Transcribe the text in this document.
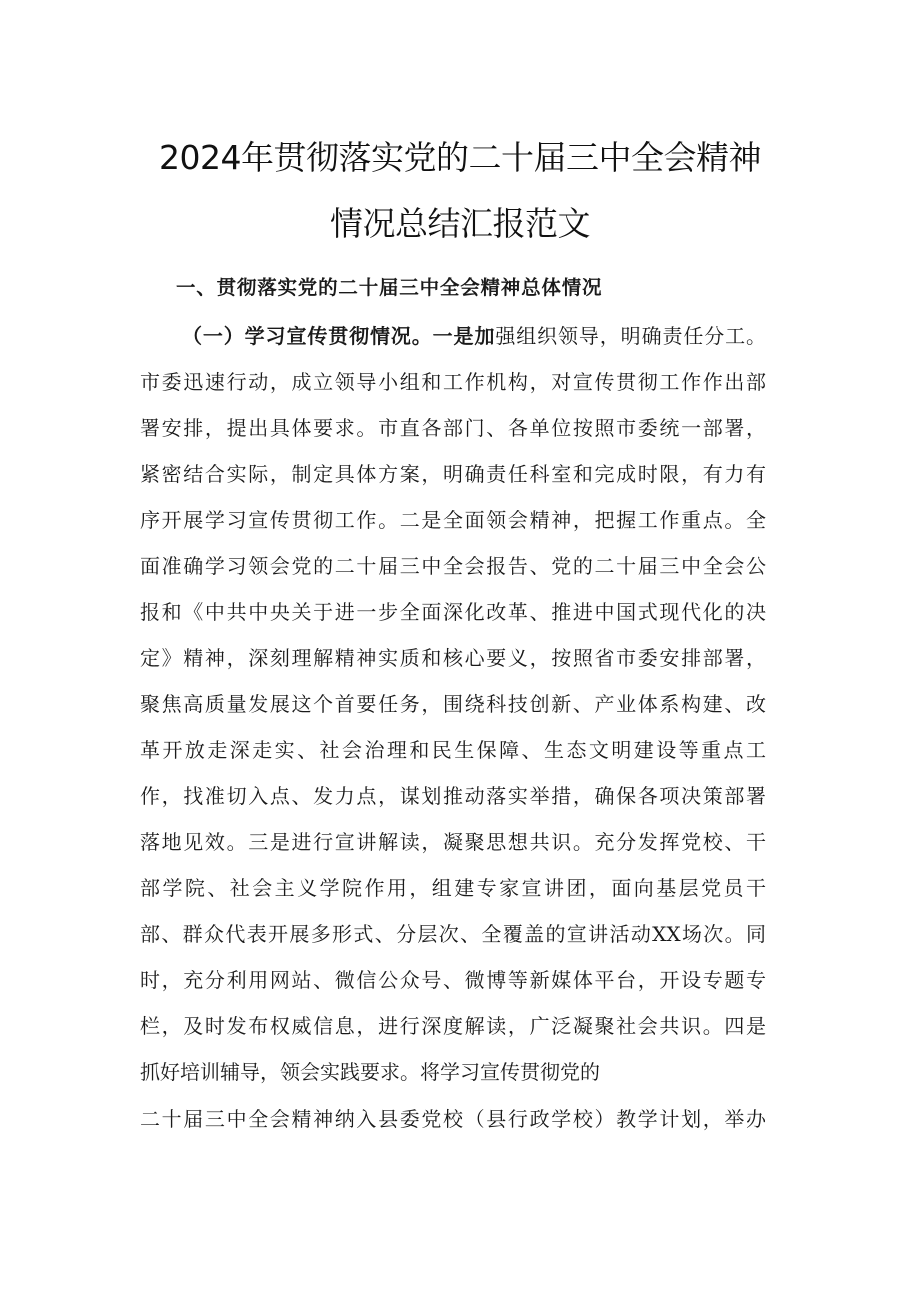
2024年贯彻落实党的二十届三中全会精神
情况总结汇报范文
一、贯彻落实党的二十届三中全会精神总体情况
（一）学习宣传贯彻情况。一是加强组织领导，明确责任分工。
市委迅速行动，成立领导小组和工作机构，对宣传贯彻工作作出部
署安排，提出具体要求。市直各部门、各单位按照市委统一部署，
紧密结合实际，制定具体方案，明确责任科室和完成时限，有力有
序开展学习宣传贯彻工作。二是全面领会精神，把握工作重点。全
面准确学习领会党的二十届三中全会报告、党的二十届三中全会公
报和《中共中央关于进一步全面深化改革、推进中国式现代化的决
定》精神，深刻理解精神实质和核心要义，按照省市委安排部署，
聚焦高质量发展这个首要任务，围绕科技创新、产业体系构建、改
革开放走深走实、社会治理和民生保障、生态文明建设等重点工
作，找准切入点、发力点，谋划推动落实举措，确保各项决策部署
落地见效。三是进行宣讲解读，凝聚思想共识。充分发挥党校、干
部学院、社会主义学院作用，组建专家宣讲团，面向基层党员干
部、群众代表开展多形式、分层次、全覆盖的宣讲活动XX场次。同
时，充分利用网站、微信公众号、微博等新媒体平台，开设专题专
栏，及时发布权威信息，进行深度解读，广泛凝聚社会共识。四是
抓好培训辅导，领会实践要求。将学习宣传贯彻党的
二十届三中全会精神纳入县委党校（县行政学校）教学计划，举办
